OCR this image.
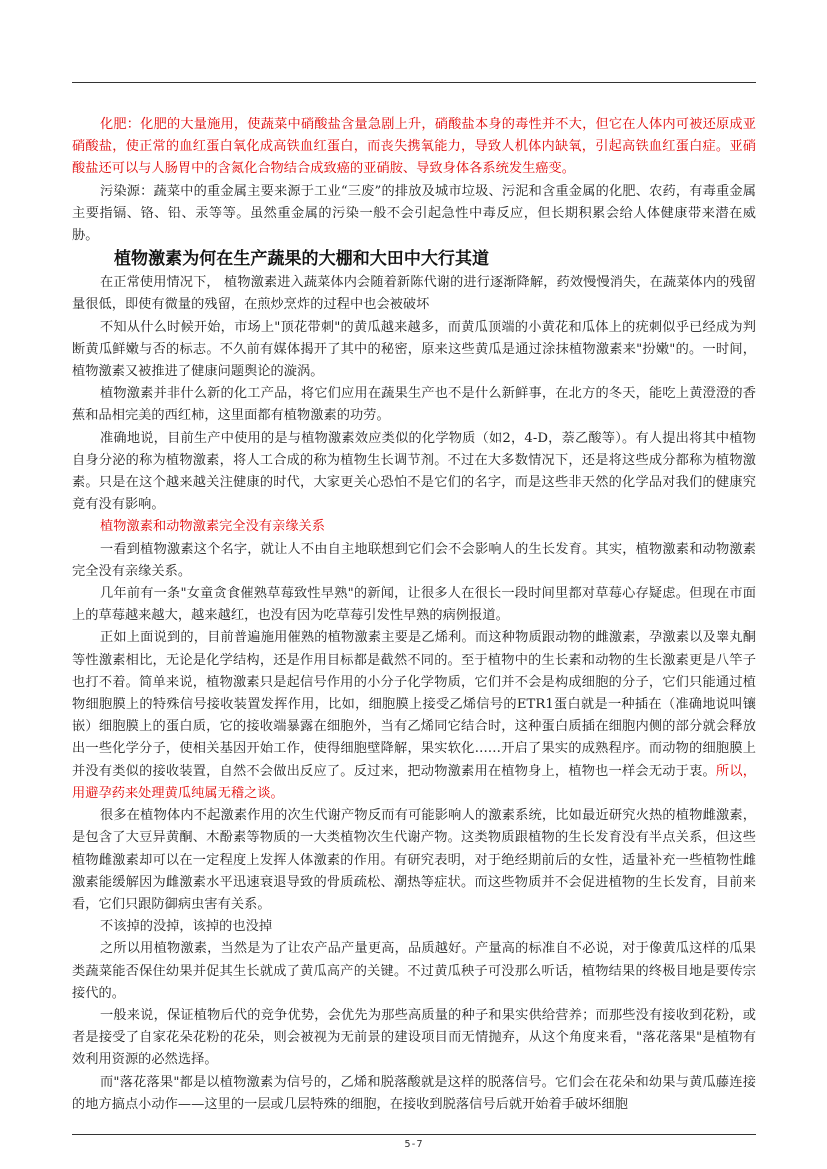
化肥：化肥的大量施用，使蔬菜中硝酸盐含量急剧上升，硝酸盐本身的毒性并不大，但它在人体内可被还原成亚硝酸盐，使正常的血红蛋白氧化成高铁血红蛋白，而丧失携氧能力，导致人机体内缺氧，引起高铁血红蛋白症。亚硝酸盐还可以与人肠胃中的含氮化合物结合成致癌的亚硝胺、导致身体各系统发生癌变。

污染源：蔬菜中的重金属主要来源于工业“三废”的排放及城市垃圾、污泥和含重金属的化肥、农药，有毒重金属主要指镉、铬、铅、汞等等。虽然重金属的污染一般不会引起急性中毒反应，但长期积累会给人体健康带来潜在威胁。

植物激素为何在生产蔬果的大棚和大田中大行其道

在正常使用情况下， 植物激素进入蔬菜体内会随着新陈代谢的进行逐渐降解，药效慢慢消失，在蔬菜体内的残留量很低，即使有微量的残留，在煎炒烹炸的过程中也会被破坏

不知从什么时候开始，市场上"顶花带刺"的黄瓜越来越多，而黄瓜顶端的小黄花和瓜体上的疣刺似乎已经成为判断黄瓜鲜嫩与否的标志。不久前有媒体揭开了其中的秘密，原来这些黄瓜是通过涂抹植物激素来"扮嫩"的。一时间，植物激素又被推进了健康问题舆论的漩涡。

植物激素并非什么新的化工产品，将它们应用在蔬果生产也不是什么新鲜事，在北方的冬天，能吃上黄澄澄的香蕉和品相完美的西红柿，这里面都有植物激素的功劳。

准确地说，目前生产中使用的是与植物激素效应类似的化学物质（如2，4-D，萘乙酸等）。有人提出将其中植物自身分泌的称为植物激素，将人工合成的称为植物生长调节剂。不过在大多数情况下，还是将这些成分都称为植物激素。只是在这个越来越关注健康的时代，大家更关心恐怕不是它们的名字，而是这些非天然的化学品对我们的健康究竟有没有影响。

植物激素和动物激素完全没有亲缘关系

一看到植物激素这个名字，就让人不由自主地联想到它们会不会影响人的生长发育。其实，植物激素和动物激素完全没有亲缘关系。

几年前有一条"女童贪食催熟草莓致性早熟"的新闻，让很多人在很长一段时间里都对草莓心存疑虑。但现在市面上的草莓越来越大，越来越红，也没有因为吃草莓引发性早熟的病例报道。

正如上面说到的，目前普遍施用催熟的植物激素主要是乙烯利。而这种物质跟动物的雌激素，孕激素以及睾丸酮等性激素相比，无论是化学结构，还是作用目标都是截然不同的。至于植物中的生长素和动物的生长激素更是八竿子也打不着。简单来说，植物激素只是起信号作用的小分子化学物质，它们并不会是构成细胞的分子，它们只能通过植物细胞膜上的特殊信号接收装置发挥作用，比如，细胞膜上接受乙烯信号的ETR1蛋白就是一种插在（准确地说叫镶嵌）细胞膜上的蛋白质，它的接收端暴露在细胞外，当有乙烯同它结合时，这种蛋白质插在细胞内侧的部分就会释放出一些化学分子，使相关基因开始工作，使得细胞壁降解，果实软化……开启了果实的成熟程序。而动物的细胞膜上并没有类似的接收装置，自然不会做出反应了。反过来，把动物激素用在植物身上，植物也一样会无动于衷。所以，用避孕药来处理黄瓜纯属无稽之谈。

很多在植物体内不起激素作用的次生代谢产物反而有可能影响人的激素系统，比如最近研究火热的植物雌激素，是包含了大豆异黄酮、木酚素等物质的一大类植物次生代谢产物。这类物质跟植物的生长发育没有半点关系，但这些植物雌激素却可以在一定程度上发挥人体激素的作用。有研究表明，对于绝经期前后的女性，适量补充一些植物性雌激素能缓解因为雌激素水平迅速衰退导致的骨质疏松、潮热等症状。而这些物质并不会促进植物的生长发育，目前来看，它们只跟防御病虫害有关系。

不该掉的没掉，该掉的也没掉

之所以用植物激素，当然是为了让农产品产量更高，品质越好。产量高的标准自不必说，对于像黄瓜这样的瓜果类蔬菜能否保住幼果并促其生长就成了黄瓜高产的关键。不过黄瓜秧子可没那么听话，植物结果的终极目地是要传宗接代的。

一般来说，保证植物后代的竞争优势，会优先为那些高质量的种子和果实供给营养；而那些没有接收到花粉，或者是接受了自家花朵花粉的花朵，则会被视为无前景的建设项目而无情抛弃，从这个角度来看，"落花落果"是植物有效利用资源的必然选择。

而"落花落果"都是以植物激素为信号的，乙烯和脱落酸就是这样的脱落信号。它们会在花朵和幼果与黄瓜藤连接的地方搞点小动作——这里的一层或几层特殊的细胞，在接收到脱落信号后就开始着手破坏细胞

5-7
